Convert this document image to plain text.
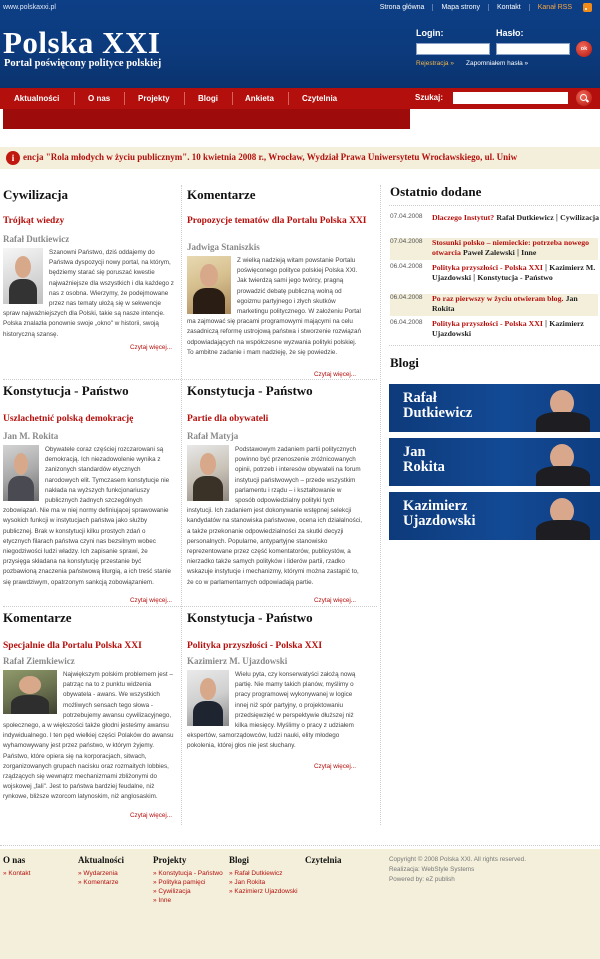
www.polskaxxi.pl	Strona główna	Mapa strony	Kontakt	Kanał RSS
Polska XXI
Portal poświęcony polityce polskiej
Login:	Hasło:
ok
Rejestracja » Zapomniałem hasła »
Aktualności	O nas	Projekty	Blogi	Ankieta	Czytelnia	Szukaj:
i encja "Rola młodych w życiu publicznym". 10 kwietnia 2008 r., Wrocław, Wydział Prawa Uniwersytetu Wrocławskiego, ul. Uniw
Cywilizacja
Trójkąt wiedzy
Rafał Dutkiewicz
Szanowni Państwo, dziś oddajemy do Państwa dyspozycji nowy portal, na którym, będziemy starać się poruszać kwestie najważniejsze dla wszystkich i dla każdego z nas z osobna. Wierzymy, że podejmowane przez nas tematy ułożą się w sekwencje spraw najważniejszych dla Polski, takie są nasze intencje. Polska znalazła ponownie swoje „okno" w historii, swoją historyczną szansę.
Czytaj więcej...
Komentarze
Propozycje tematów dla Portalu Polska XXI
Jadwiga Staniszkis
Z wielką nadzieją witam powstanie Portalu poświęconego polityce polskiej Polska XXI. Jak twierdzą sami jego twórcy, pragną prowadzić debatę publiczną wolną od egoizmu partyjnego i złych skutków marketingu politycznego. W założeniu Portal ma zajmować się pracami programowymi mającymi na celu zasadniczą reformę ustrojową państwa i stworzenie rozwiązań odpowiadających na współczesne wyzwania polityki polskiej. To ambitne zadanie i mam nadzieję, że się powiedzie.
Czytaj więcej...
Konstytucja - Państwo
Uszlachetnić polską demokrację
Jan M. Rokita
Obywatele coraz częściej rozczarowani są demokracją. Ich niezadowolenie wynika z zanizonych standardów etycznych narodowych elit. Tymczasem konstytucje nie nakłada na wyższych funkcjonariuszy publicznych żadnych szczególnych zobowiązań. Nie ma w niej normy definiującej sprawowanie wysokich funkcji w instytucjach państwa jako służby publicznej. Brak w konstytucji kilku prostych zdań o etycznych filarach państwa czyni nas bezsilnym wobec niegodziwości ludzi władzy. Ich zapisanie sprawi, że przysięga składana na konstytucję przestanie być pozbawioną znaczenia państwową liturgią, a ich treść stanie się prawdziwym, opatrzonym sankcją zobowiązaniem.
Czytaj więcej...
Konstytucja - Państwo
Partie dla obywateli
Rafał Matyja
Podstawowym zadaniem partii politycznych powinno być przenoszenie zróżnicowanych opinii, potrzeb i interesów obywateli na forum instytucji państwowych – przede wszystkim parlamentu i rządu – i kształtowanie w sposób odpowiedzialny polityki tych instytucji. Ich zadaniem jest dokonywanie wstępnej selekcji kandydatów na stanowiska państwowe, ocena ich działalności, a także przekonanie odpowiedzialności za skutki decyzji personalnych. Popularne, antypartyjne stanowisko reprezentowane przez część komentatorów, publicystów, a nierzadko także samych polityków i liderów partii, rzadko wskazuje instytucje i mechanizmy, którymi można zastąpić to, że co w parlamentarnych odpowiadają partie.
Czytaj więcej...
Komentarze
Specjalnie dla Portalu Polska XXI
Rafał Ziemkiewicz
Największym polskim problemem jest – patrząc na to z punktu widzenia obywatela - awans. We wszystkich możliwych sensach tego słowa - potrzebujemy awansu cywilizacyjnego, społecznego, a w większości także głodni jesteśmy awansu indywidualnego. I ten pęd wielkiej części Polaków do awansu wyhamowywany jest przez państwo, w którym żyjemy. Państwo, które opiera się na korporacjach, sitwach, zorganizowanych grupach nacisku oraz rozmaitych lobbies, rządzących się wewnątrz mechanizmami zbliżonymi do wojskowej „fali". Jest to państwa bardziej feudalne, niż rynkowe, bliższe wzorcom latynoskim, niż anglosaskim.
Czytaj więcej...
Konstytucja - Państwo
Polityka przyszłości - Polska XXI
Kazimierz M. Ujazdowski
Wielu pyta, czy konserwatyści założą nową partię. Nie mamy takich planów, myślimy o pracy programowej wykonywanej w logice innej niż spór partyjny, o projektowaniu przedsięwzięć w perspektywie dłuższej niż kilka miesięcy. Myślimy o pracy z udziałem ekspertów, samorządowców, ludzi nauki, elity młodego pokolenia, której głos nie jest słuchany.
Czytaj więcej...
Ostatnio dodane
07.04.2008 Dlaczego Instytut? Rafał Dutkiewicz | Cywilizacja
07.04.2008 Stosunki polsko – niemieckie: potrzeba nowego otwarcia Paweł Zalewski | Inne
06.04.2008 Polityka przyszłości - Polska XXI | Kazimierz M. Ujazdowski | Konstytucja - Państwo
06.04.2008 Po raz pierwszy w życiu otwieram blog. Jan Rokita
06.04.2008 Polityka przyszłości - Polska XXI | Kazimierz Ujazdowski
Blogi
Rafał
Dutkiewicz
Jan
Rokita
Kazimierz
Ujazdowski
O nas
» Kontakt
Aktualności
» Wydarzenia
» Komentarze
Projekty
» Konstytucja - Państwo
» Polityka pamięci
» Cywilizacja
» Inne
Blogi
» Rafał Dutkiewicz
» Jan Rokita
» Kazimierz Ujazdowski
Czytelnia	Copyright © 2008 Polska XXI. All rights reserved.
Realizacja: WebStyle Systems
Powered by: eZ publish
